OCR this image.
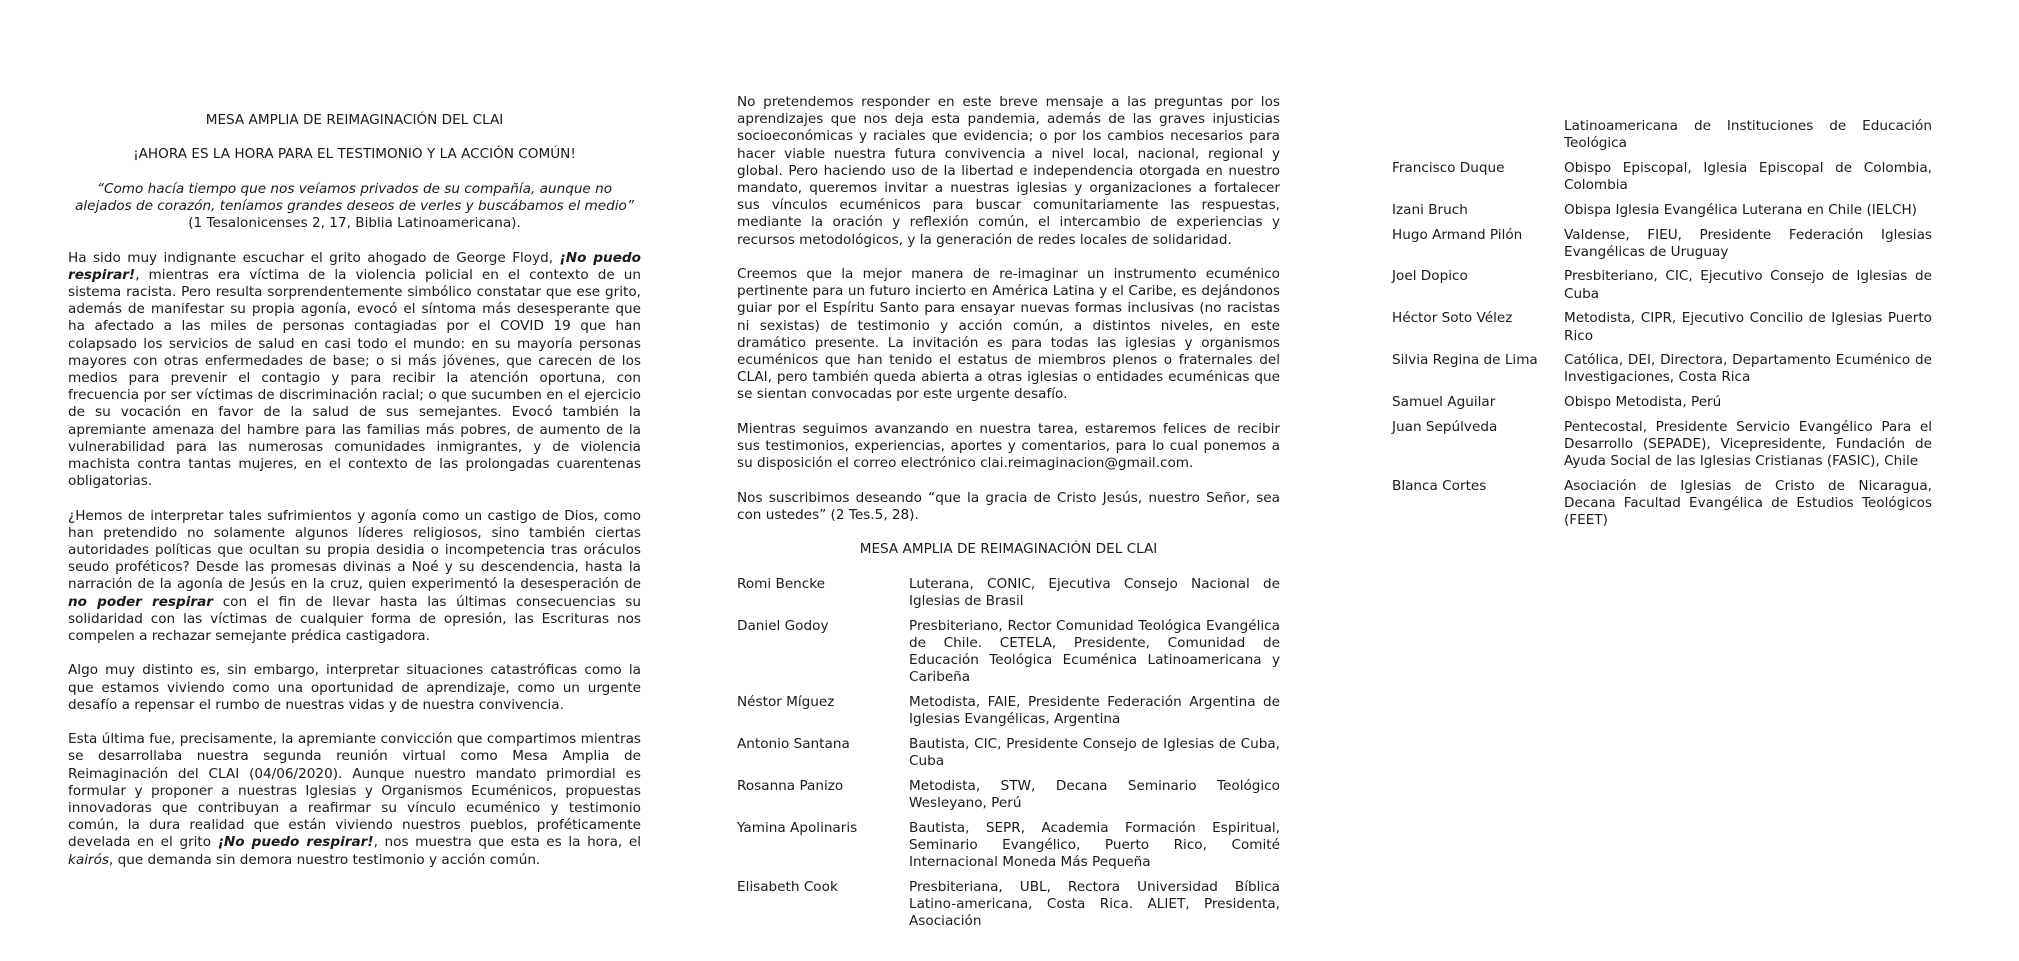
MESA AMPLIA DE REIMAGINACIÓN DEL CLAI
¡AHORA ES LA HORA PARA EL TESTIMONIO Y LA ACCIÓN COMÚN!
“Como hacía tiempo que nos veíamos privados de su compañía, aunque no
alejados de corazón, teníamos grandes deseos de verles y buscábamos el medio”
(1 Tesalonicenses 2, 17, Biblia Latinoamericana).

Ha sido muy indignante escuchar el grito ahogado de George Floyd, ¡No puedo respirar!, mientras era víctima de la violencia policial en el contexto de un sistema racista. Pero resulta sorprendentemente simbólico constatar que ese grito, además de manifestar su propia agonía, evocó el síntoma más desesperante que ha afectado a las miles de personas contagiadas por el COVID 19 que han colapsado los servicios de salud en casi todo el mundo: en su mayoría personas mayores con otras enfermedades de base; o si más jóvenes, que carecen de los medios para prevenir el contagio y para recibir la atención oportuna, con frecuencia por ser víctimas de discriminación racial; o que sucumben en el ejercicio de su vocación en favor de la salud de sus semejantes. Evocó también la apremiante amenaza del hambre para las familias más pobres, de aumento de la vulnerabilidad para las numerosas comunidades inmigrantes, y de violencia machista contra tantas mujeres, en el contexto de las prolongadas cuarentenas obligatorias.

¿Hemos de interpretar tales sufrimientos y agonía como un castigo de Dios, como han pretendido no solamente algunos líderes religiosos, sino también ciertas autoridades políticas que ocultan su propia desidia o incompetencia tras oráculos seudo proféticos? Desde las promesas divinas a Noé y su descendencia, hasta la narración de la agonía de Jesús en la cruz, quien experimentó la desesperación de no poder respirar con el fin de llevar hasta las últimas consecuencias su solidaridad con las víctimas de cualquier forma de opresión, las Escrituras nos compelen a rechazar semejante prédica castigadora.

Algo muy distinto es, sin embargo, interpretar situaciones catastróficas como la que estamos viviendo como una oportunidad de aprendizaje, como un urgente desafío a repensar el rumbo de nuestras vidas y de nuestra convivencia.

Esta última fue, precisamente, la apremiante convicción que compartimos mientras se desarrollaba nuestra segunda reunión virtual como Mesa Amplia de Reimaginación del CLAI (04/06/2020). Aunque nuestro mandato primordial es formular y proponer a nuestras Iglesias y Organismos Ecuménicos, propuestas innovadoras que contribuyan a reafirmar su vínculo ecuménico y testimonio común, la dura realidad que están viviendo nuestros pueblos, proféticamente develada en el grito ¡No puedo respirar!, nos muestra que esta es la hora, el kairós, que demanda sin demora nuestro testimonio y acción común.

No pretendemos responder en este breve mensaje a las preguntas por los aprendizajes que nos deja esta pandemia, además de las graves injusticias socioeconómicas y raciales que evidencia; o por los cambios necesarios para hacer viable nuestra futura convivencia a nivel local, nacional, regional y global. Pero haciendo uso de la libertad e independencia otorgada en nuestro mandato, queremos invitar a nuestras iglesias y organizaciones a fortalecer sus vínculos ecuménicos para buscar comunitariamente las respuestas, mediante la oración y reflexión común, el intercambio de experiencias y recursos metodológicos, y la generación de redes locales de solidaridad.

Creemos que la mejor manera de re-imaginar un instrumento ecuménico pertinente para un futuro incierto en América Latina y el Caribe, es dejándonos guiar por el Espíritu Santo para ensayar nuevas formas inclusivas (no racistas ni sexistas) de testimonio y acción común, a distintos niveles, en este dramático presente. La invitación es para todas las iglesias y organismos ecuménicos que han tenido el estatus de miembros plenos o fraternales del CLAI, pero también queda abierta a otras iglesias o entidades ecuménicas que se sientan convocadas por este urgente desafío.

Mientras seguimos avanzando en nuestra tarea, estaremos felices de recibir sus testimonios, experiencias, aportes y comentarios, para lo cual ponemos a su disposición el correo electrónico clai.reimaginacion@gmail.com.

Nos suscribimos deseando “que la gracia de Cristo Jesús, nuestro Señor, sea con ustedes” (2 Tes.5, 28).

MESA AMPLIA DE REIMAGINACIÓN DEL CLAI
Romi Bencke	Luterana, CONIC, Ejecutiva Consejo Nacional de Iglesias de Brasil
Daniel Godoy	Presbiteriano, Rector Comunidad Teológica Evangélica de Chile. CETELA, Presidente, Comunidad de Educación Teológica Ecuménica Latinoamericana y Caribeña
Néstor Míguez	Metodista, FAIE, Presidente Federación Argentina de Iglesias Evangélicas, Argentina
Antonio Santana	Bautista, CIC, Presidente Consejo de Iglesias de Cuba, Cuba
Rosanna Panizo	Metodista, STW, Decana Seminario Teológico Wesleyano, Perú
Yamina Apolinaris	Bautista, SEPR, Academia Formación Espiritual, Seminario Evangélico, Puerto Rico, Comité Internacional Moneda Más Pequeña
Elisabeth Cook	Presbiteriana, UBL, Rectora Universidad Bíblica Latino-americana, Costa Rica. ALIET, Presidenta, Asociación
Latinoamericana de Instituciones de Educación Teológica
Francisco Duque	Obispo Episcopal, Iglesia Episcopal de Colombia, Colombia
Izani Bruch	Obispa Iglesia Evangélica Luterana en Chile (IELCH)
Hugo Armand Pilón	Valdense, FIEU, Presidente Federación Iglesias Evangélicas de Uruguay
Joel Dopico	Presbiteriano, CIC, Ejecutivo Consejo de Iglesias de Cuba
Héctor Soto Vélez	Metodista, CIPR, Ejecutivo Concilio de Iglesias Puerto Rico
Silvia Regina de Lima	Católica, DEI, Directora, Departamento Ecuménico de Investigaciones, Costa Rica
Samuel Aguilar	Obispo Metodista, Perú
Juan Sepúlveda	Pentecostal, Presidente Servicio Evangélico Para el Desarrollo (SEPADE), Vicepresidente, Fundación de Ayuda Social de las Iglesias Cristianas (FASIC), Chile
Blanca Cortes	Asociación de Iglesias de Cristo de Nicaragua, Decana Facultad Evangélica de Estudios Teológicos (FEET)
